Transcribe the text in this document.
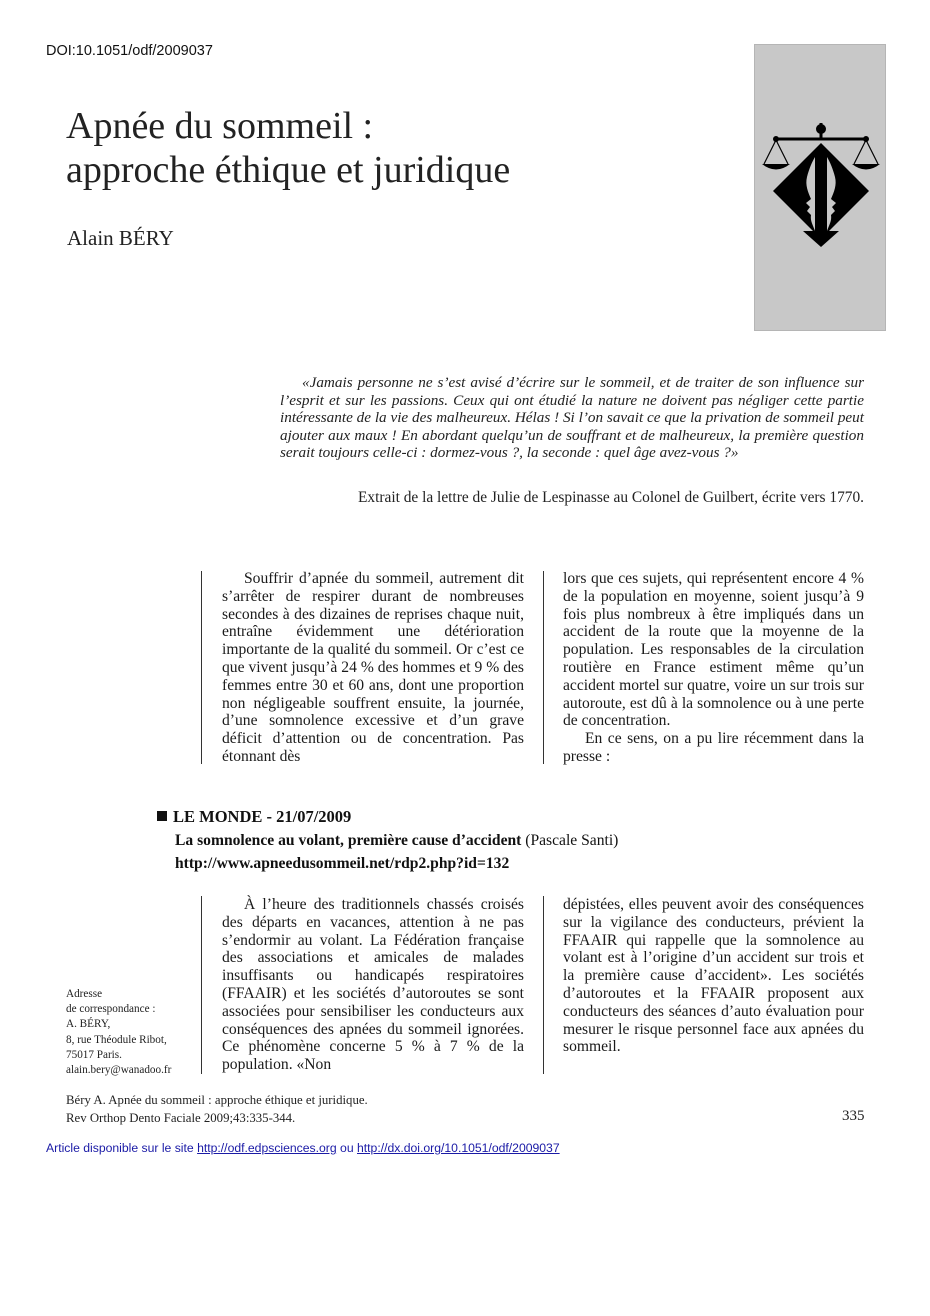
DOI:10.1051/odf/2009037
Apnée du sommeil :
approche éthique et juridique
Alain BÉRY
«Jamais personne ne s’est avisé d’écrire sur le sommeil, et de traiter de son influence sur l’esprit et sur les passions. Ceux qui ont étudié la nature ne doivent pas négliger cette partie intéressante de la vie des malheureux. Hélas ! Si l’on savait ce que la privation de sommeil peut ajouter aux maux ! En abordant quelqu’un de souffrant et de malheureux, la première question serait toujours celle-ci : dormez-vous ?, la seconde : quel âge avez-vous ?»
Extrait de la lettre de Julie de Lespinasse au Colonel de Guilbert, écrite vers 1770.

Souffrir d’apnée du sommeil, autrement dit s’arrêter de respirer durant de nombreuses secondes à des dizaines de reprises chaque nuit, entraîne évidemment une détérioration importante de la qualité du sommeil. Or c’est ce que vivent jusqu’à 24 % des hommes et 9 % des femmes entre 30 et 60 ans, dont une proportion non négligeable souffrent ensuite, la journée, d’une somnolence excessive et d’un grave déficit d’attention ou de concentration. Pas étonnant dès

lors que ces sujets, qui représentent encore 4 % de la population en moyenne, soient jusqu’à 9 fois plus nombreux à être impliqués dans un accident de la route que la moyenne de la population. Les responsables de la circulation routière en France estiment même qu’un accident mortel sur quatre, voire un sur trois sur autoroute, est dû à la somnolence ou à une perte de concentration.

En ce sens, on a pu lire récemment dans la presse :

LE MONDE - 21/07/2009
La somnolence au volant, première cause d’accident (Pascale Santi)
http://www.apneedusommeil.net/rdp2.php?id=132

À l’heure des traditionnels chassés croisés des départs en vacances, attention à ne pas s’endormir au volant. La Fédération française des associations et amicales de malades insuffisants ou handicapés respiratoires (FFAAIR) et les sociétés d’autoroutes se sont associées pour sensibiliser les conducteurs aux conséquences des apnées du sommeil ignorées. Ce phénomène concerne 5 % à 7 % de la population. «Non

dépistées, elles peuvent avoir des conséquences sur la vigilance des conducteurs, prévient la FFAAIR qui rappelle que la somnolence au volant est à l’origine d’un accident sur trois et la première cause d’accident». Les sociétés d’autoroutes et la FFAAIR proposent aux conducteurs des séances d’auto évaluation pour mesurer le risque personnel face aux apnées du sommeil.

Adresse
de correspondance :
A. BÉRY,
8, rue Théodule Ribot,
75017 Paris.
alain.bery@wanadoo.fr
Béry A. Apnée du sommeil : approche éthique et juridique.
Rev Orthop Dento Faciale 2009;43:335-344.	335
Article disponible sur le site http://odf.edpsciences.org ou http://dx.doi.org/10.1051/odf/2009037
